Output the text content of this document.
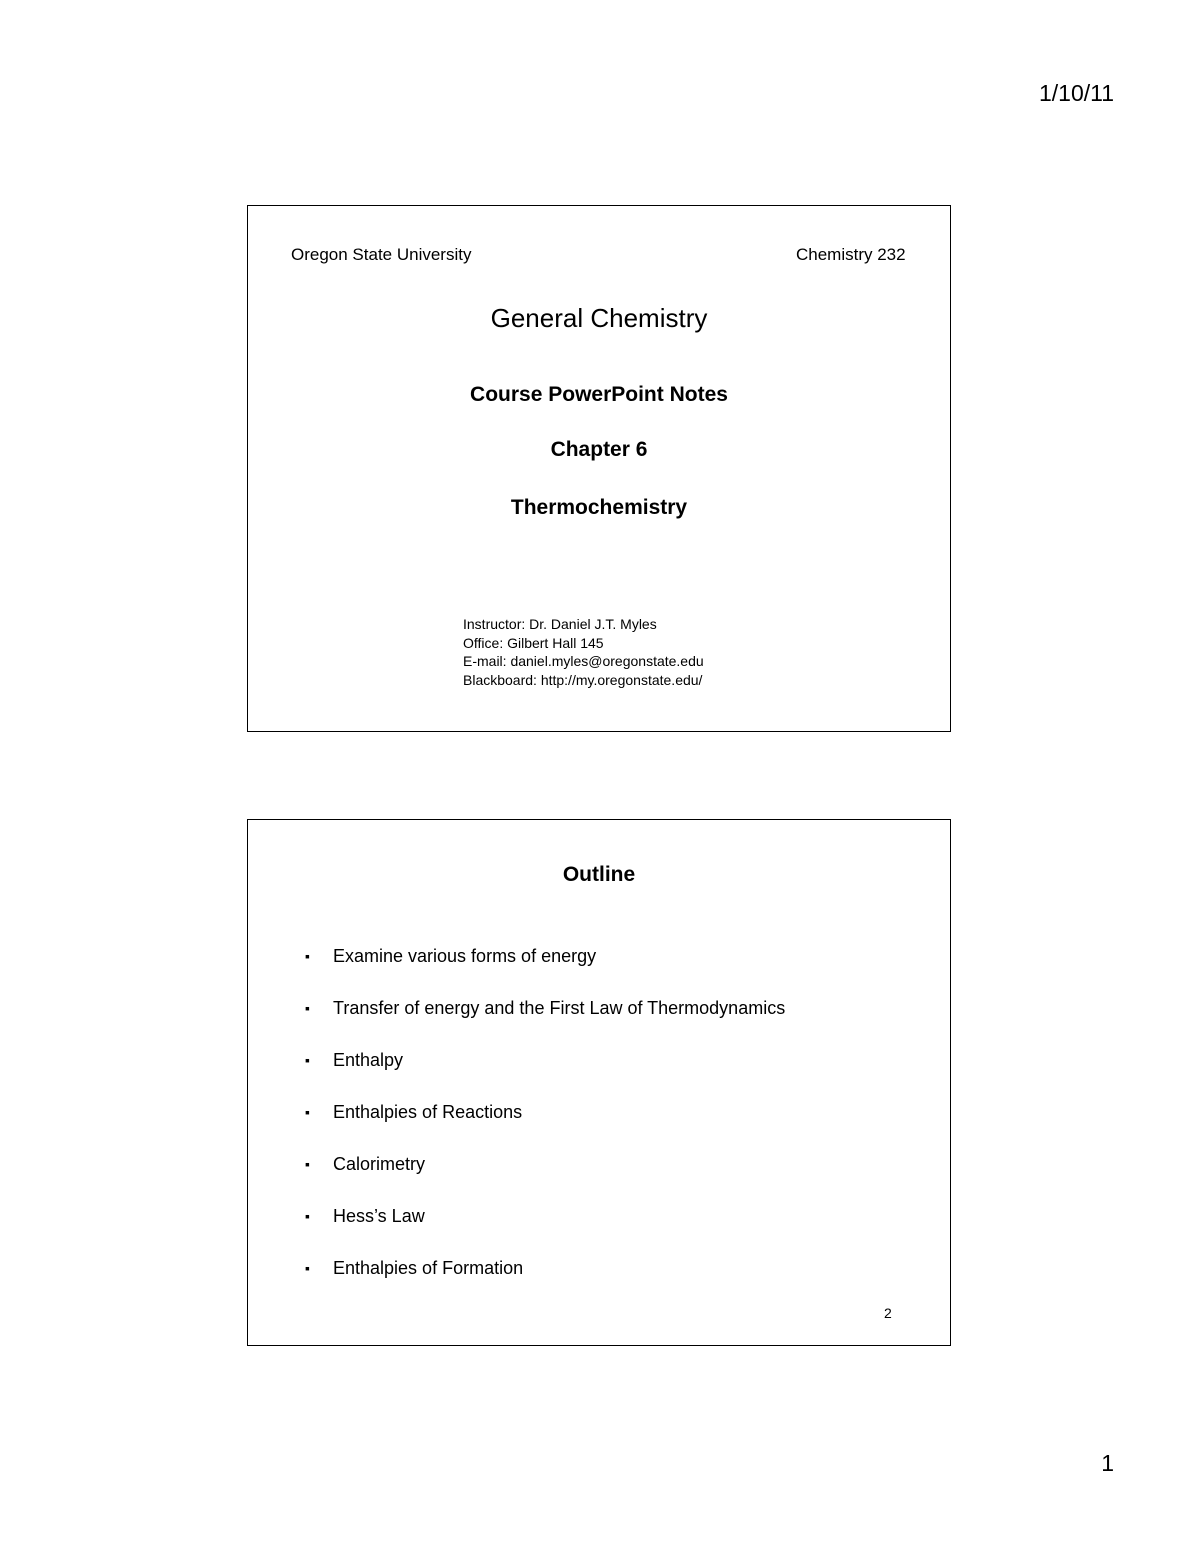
1/10/11
Oregon State University	Chemistry 232
General Chemistry
Course PowerPoint Notes
Chapter 6
Thermochemistry
Instructor: Dr. Daniel J.T. Myles
Office: Gilbert Hall 145
E-mail: daniel.myles@oregonstate.edu
Blackboard: http://my.oregonstate.edu/
Outline
▪	Examine various forms of energy
▪	Transfer of energy and the First Law of Thermodynamics
▪	Enthalpy
▪	Enthalpies of Reactions
▪	Calorimetry
▪	Hess’s Law
▪	Enthalpies of Formation
2
1
